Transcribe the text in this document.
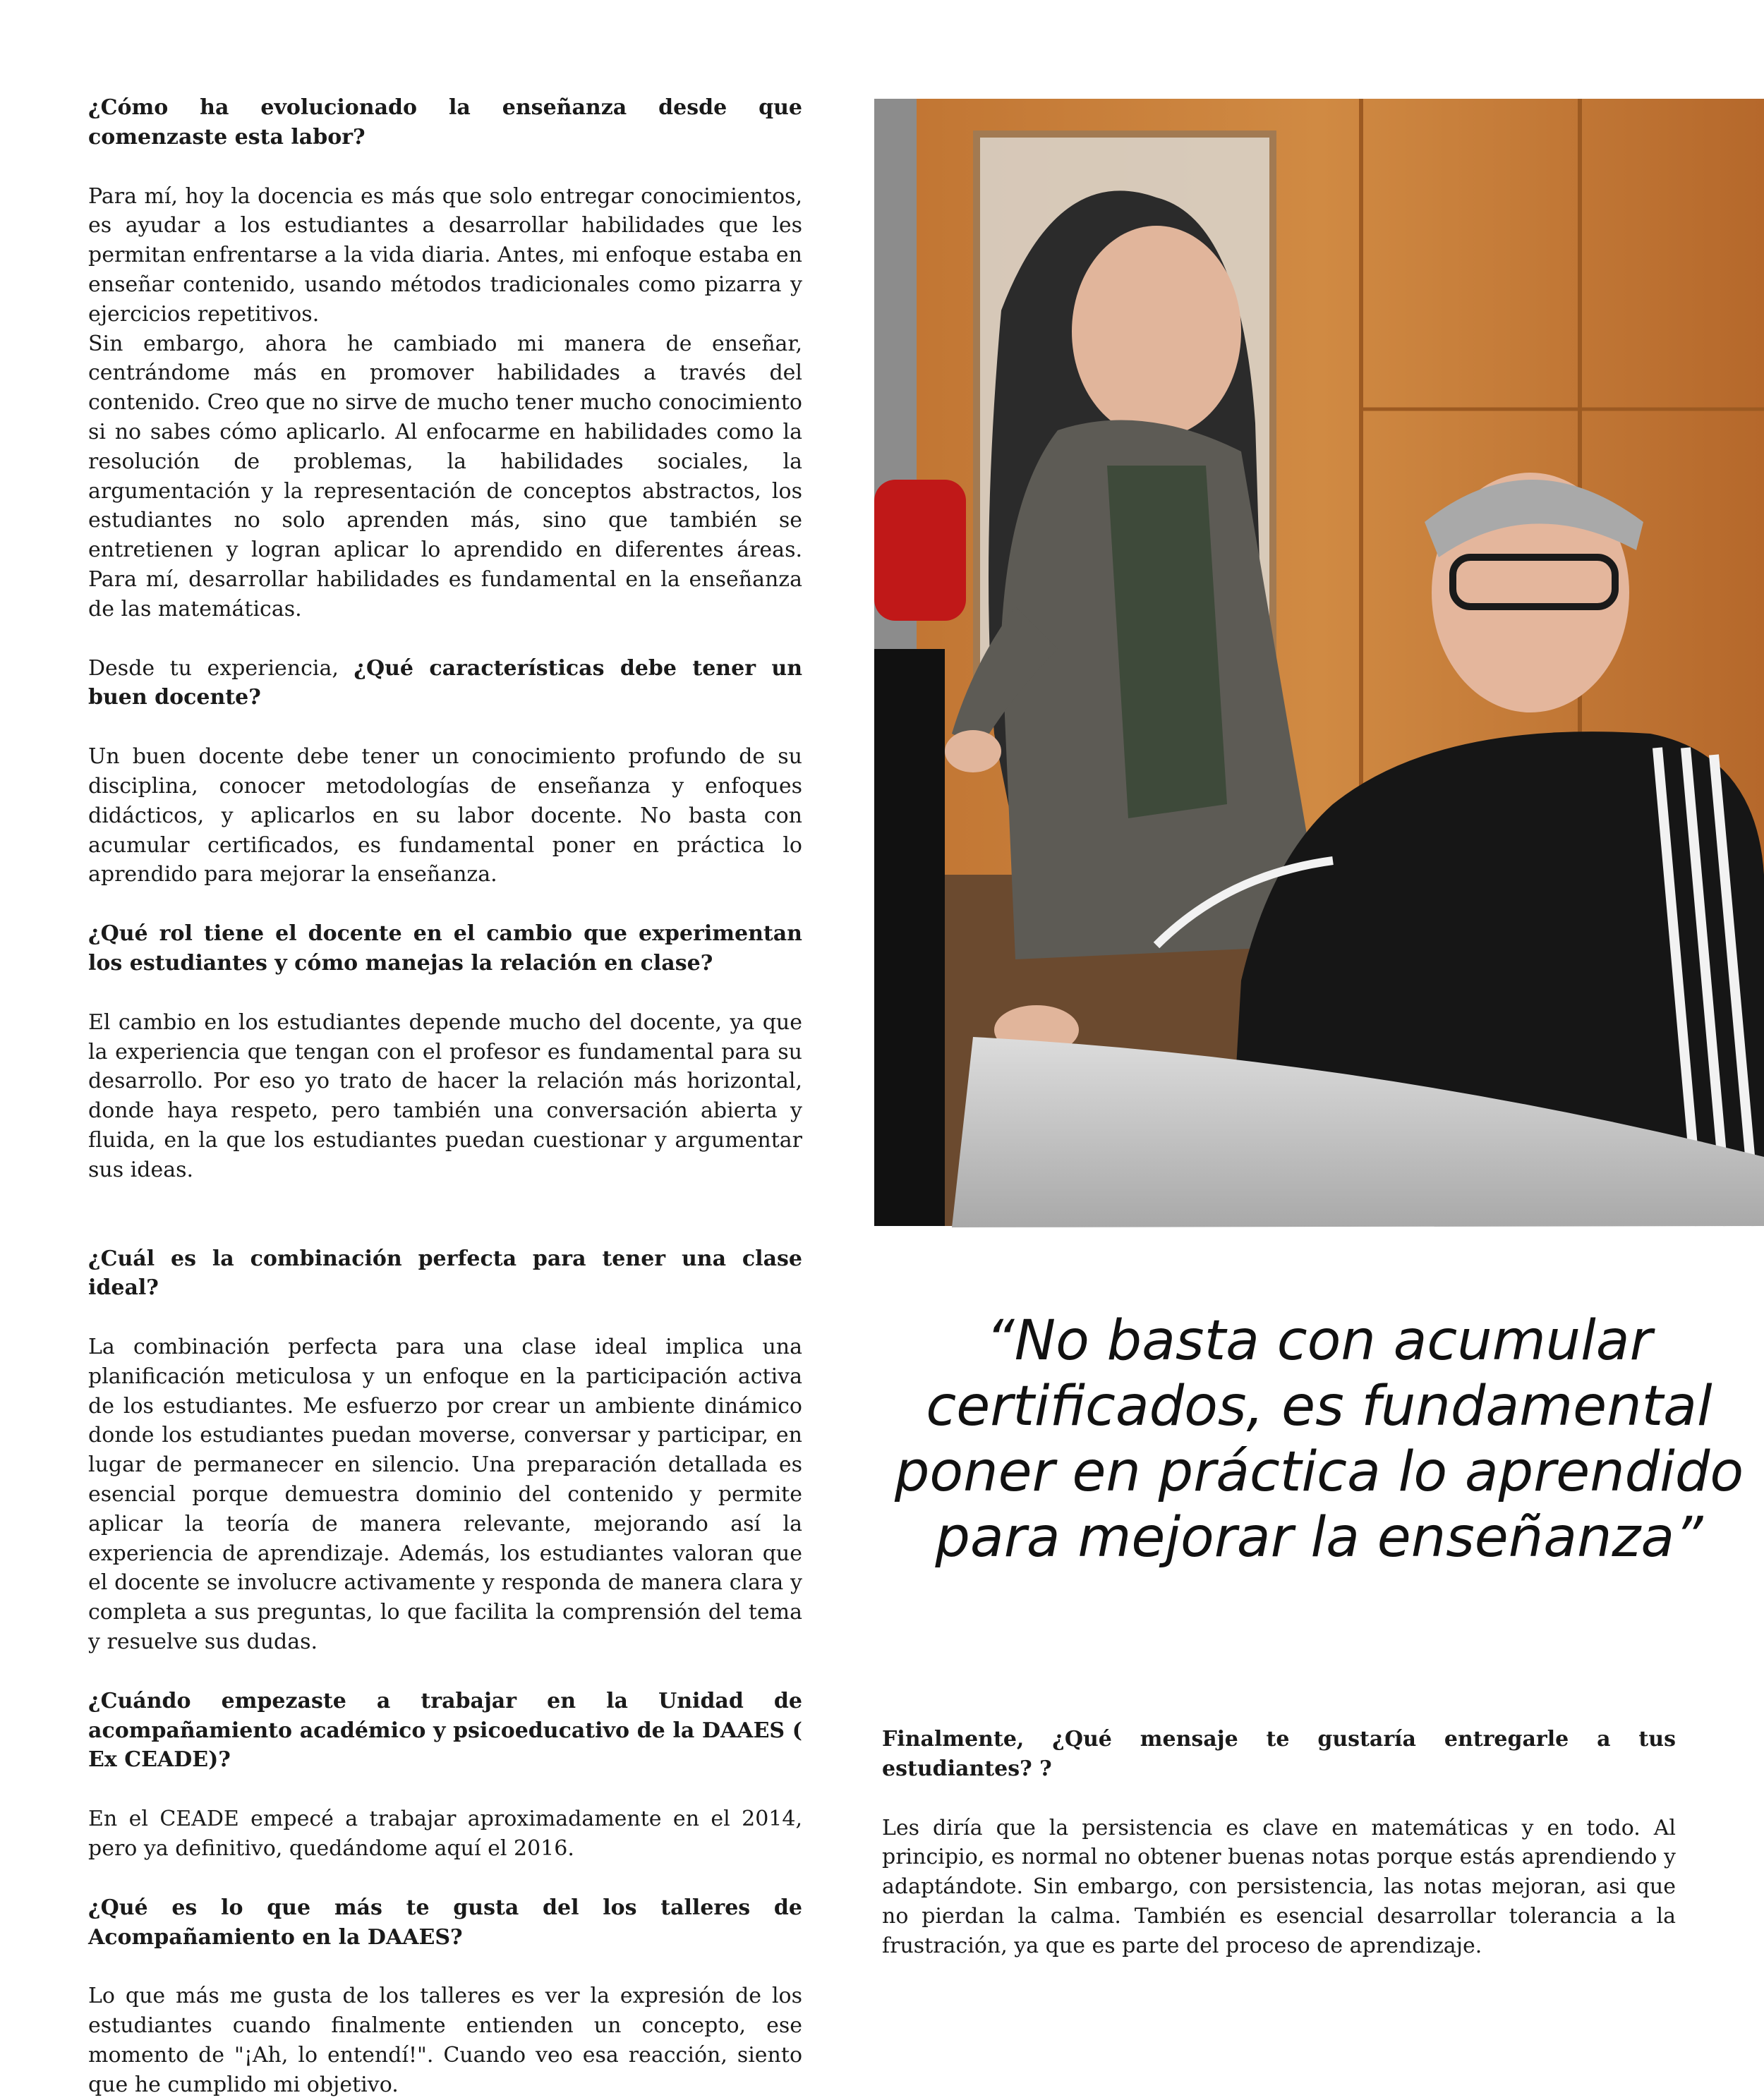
¿Cómo ha evolucionado la enseñanza desde que comenzaste esta labor?

Para mí, hoy la docencia es más que solo entregar conocimientos, es ayudar a los estudiantes a desarrollar habilidades que les permitan enfrentarse a la vida diaria. Antes, mi enfoque estaba en enseñar contenido, usando métodos tradicionales como pizarra y ejercicios repetitivos.

Sin embargo, ahora he cambiado mi manera de enseñar, centrándome más en promover habilidades a través del contenido. Creo que no sirve de mucho tener mucho conocimiento si no sabes cómo aplicarlo. Al enfocarme en habilidades como la resolución de problemas, la habilidades sociales, la argumentación y la representación de conceptos abstractos, los estudiantes no solo aprenden más, sino que también se entretienen y logran aplicar lo aprendido en diferentes áreas. Para mí, desarrollar habilidades es fundamental en la enseñanza de las matemáticas.

Desde tu experiencia, ¿Qué características debe tener un buen docente?

Un buen docente debe tener un conocimiento profundo de su disciplina, conocer metodologías de enseñanza y enfoques didácticos, y aplicarlos en su labor docente. No basta con acumular certificados, es fundamental poner en práctica lo aprendido para mejorar la enseñanza.

¿Qué rol tiene el docente en el cambio que experimentan los estudiantes y cómo manejas la relación en clase?

El cambio en los estudiantes depende mucho del docente, ya que la experiencia que tengan con el profesor es fundamental para su desarrollo. Por eso yo trato de hacer la relación más horizontal, donde haya respeto, pero también una conversación abierta y fluida, en la que los estudiantes puedan cuestionar y argumentar sus ideas.

¿Cuál es la combinación perfecta para tener una clase ideal?

La combinación perfecta para una clase ideal implica una planificación meticulosa y un enfoque en la participación activa de los estudiantes. Me esfuerzo por crear un ambiente dinámico donde los estudiantes puedan moverse, conversar y participar, en lugar de permanecer en silencio. Una preparación detallada es esencial porque demuestra dominio del contenido y permite aplicar la teoría de manera relevante, mejorando así la experiencia de aprendizaje. Además, los estudiantes valoran que el docente se involucre activamente y responda de manera clara y completa a sus preguntas, lo que facilita la comprensión del tema y resuelve sus dudas.

¿Cuándo empezaste a trabajar en la Unidad de acompañamiento académico y psicoeducativo de la DAAES ( Ex CEADE)?

En el CEADE empecé a trabajar aproximadamente en el 2014, pero ya definitivo, quedándome aquí el 2016.

¿Qué es lo que más te gusta del los talleres de Acompañamiento en la DAAES?

Lo que más me gusta de los talleres es ver la expresión de los estudiantes cuando finalmente entienden un concepto, ese momento de "¡Ah, lo entendí!". Cuando veo esa reacción, siento que he cumplido mi objetivo.

“No basta con acumular certificados, es fundamental poner en práctica lo aprendido para mejorar la enseñanza”

Finalmente, ¿Qué mensaje te gustaría entregarle a tus estudiantes? ?

Les diría que la persistencia es clave en matemáticas y en todo. Al principio, es normal no obtener buenas notas porque estás aprendiendo y adaptándote. Sin embargo, con persistencia, las notas mejoran, asi que no pierdan la calma. También es esencial desarrollar tolerancia a la frustración, ya que es parte del proceso de aprendizaje.
